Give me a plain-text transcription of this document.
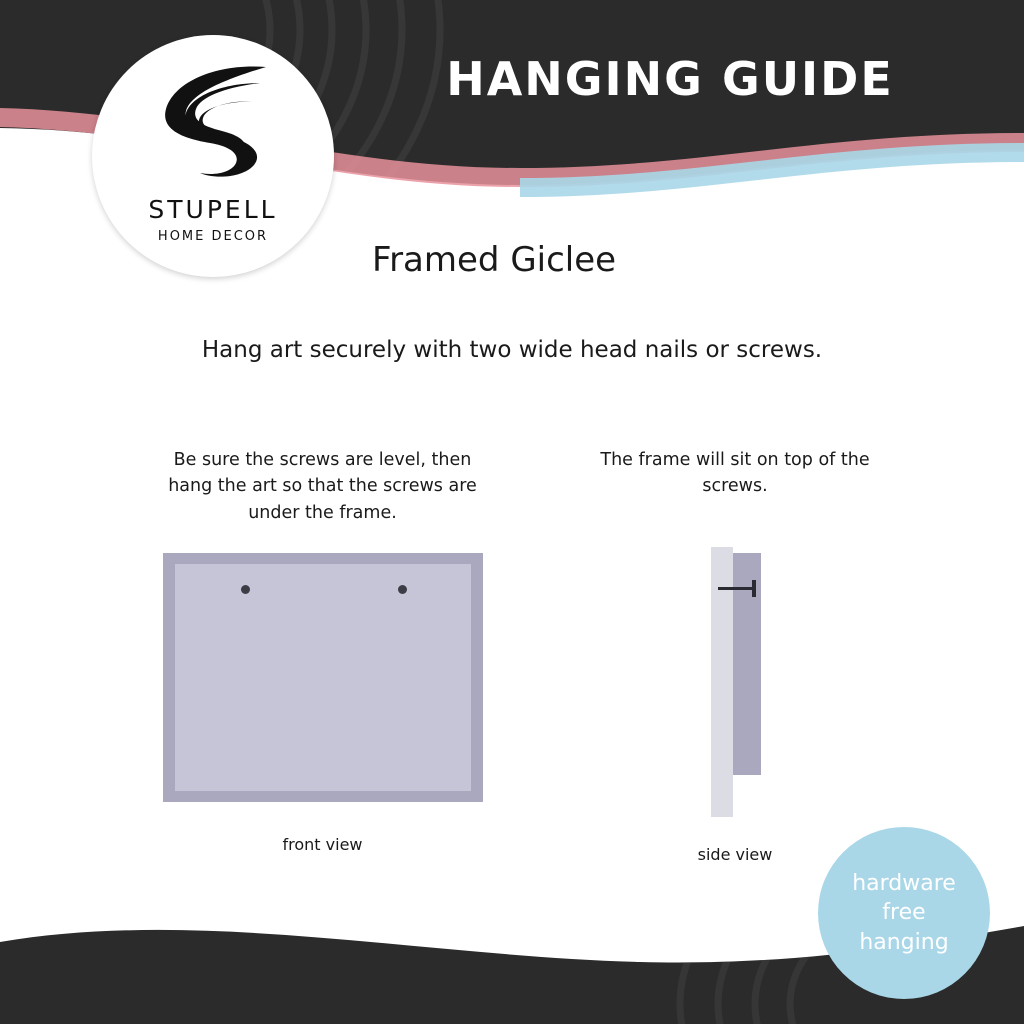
HANGING GUIDE
STUPELL
HOME DECOR
Framed Giclee
Hang art securely with two wide head nails or screws.
Be sure the screws are level, then hang the art so that the screws are under the frame.
The frame will sit on top of the screws.
front view
side view
hardware
free
hanging
